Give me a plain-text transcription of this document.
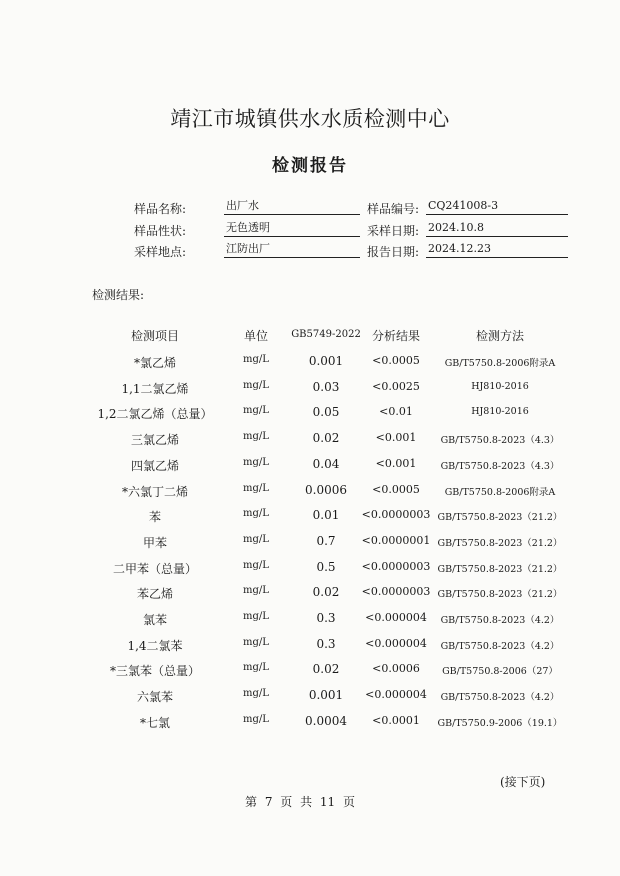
靖江市城镇供水水质检测中心
检测报告
样品名称:	出厂水	样品编号: CQ241008-3
样品性状:	无色透明	采样日期: 2024.10.8
采样地点:	江防出厂	报告日期: 2024.12.23
检测结果:
检测项目	单位	GB5749-2022 分析结果	检测方法
*氯乙烯	mg/L	0.001	<0.0005	GB/T5750.8-2006附录A
1,1二氯乙烯	mg/L	0.03	<0.0025	HJ810-2016
1,2二氯乙烯（总量）	mg/L	0.05	<0.01	HJ810-2016
三氯乙烯	mg/L	0.02	<0.001	GB/T5750.8-2023（4.3）
四氯乙烯	mg/L	0.04	<0.001	GB/T5750.8-2023（4.3）
*六氯丁二烯	mg/L	0.0006	<0.0005	GB/T5750.8-2006附录A
苯	mg/L	0.01	<0.0000003 GB/T5750.8-2023（21.2）
甲苯	mg/L	0.7	<0.0000001 GB/T5750.8-2023（21.2）
二甲苯（总量）	mg/L	0.5	<0.0000003 GB/T5750.8-2023（21.2）
苯乙烯	mg/L	0.02	<0.0000003 GB/T5750.8-2023（21.2）
氯苯	mg/L	0.3	<0.000004	GB/T5750.8-2023（4.2）
1,4二氯苯	mg/L	0.3	<0.000004	GB/T5750.8-2023（4.2）
*三氯苯（总量）	mg/L	0.02	<0.0006	GB/T5750.8-2006（27）
六氯苯	mg/L	0.001	<0.000004	GB/T5750.8-2023（4.2）
*七氯	mg/L	0.0004	<0.0001	GB/T5750.9-2006（19.1）
(接下页)
第 7 页 共 11 页
